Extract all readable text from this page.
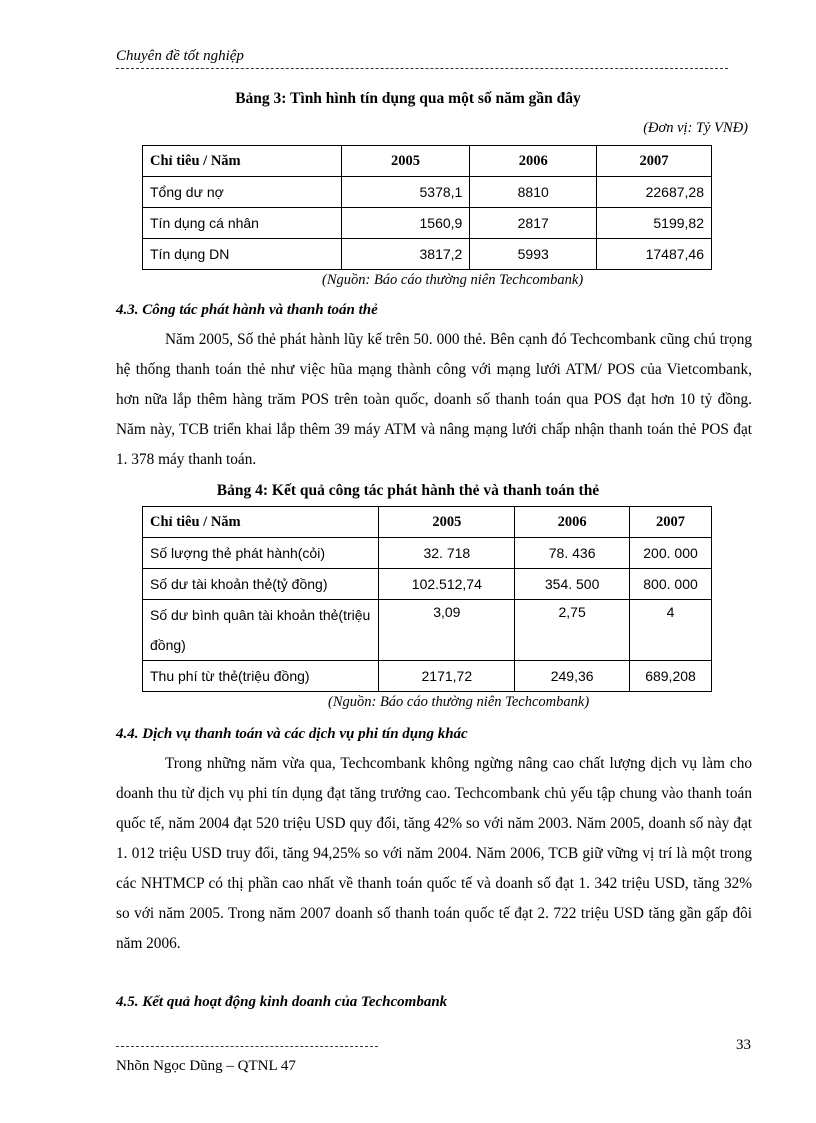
Chuyên đề tốt nghiệp
Bảng 3: Tình hình tín dụng qua một số năm gần đây
(Đơn vị: Tỷ VNĐ)
Chỉ tiêu / Năm	2005	2006	2007
Tổng dư nợ	5378,1	8810	22687,28
Tín dụng cá nhân	1560,9	2817	5199,82
Tín dụng DN	3817,2	5993	17487,46
(Nguồn: Báo cáo thường niên Techcombank)
4.3. Công tác phát hành và thanh toán thẻ
Năm 2005, Số thẻ phát hành lũy kế trên 50. 000 thẻ. Bên cạnh đó Techcombank cũng chú trọng hệ thống thanh toán thẻ như việc hũa mạng thành công với mạng lưới ATM/ POS của Vietcombank, hơn nữa lắp thêm hàng trăm POS trên toàn quốc, doanh số thanh toán qua POS đạt hơn 10 tỷ đồng. Năm này, TCB triển khai lắp thêm 39 máy ATM và nâng mạng lưới chấp nhận thanh toán thẻ POS đạt 1. 378 máy thanh toán.
Bảng 4: Kết quả công tác phát hành thẻ và thanh toán thẻ
Chỉ tiêu / Năm	2005	2006	2007
Số lượng thẻ phát hành(cỏi)	32. 718	78. 436	200. 000
Số dư tài khoản thẻ(tỷ đồng)	102.512,74	354. 500	800. 000
Số dư bình quân tài khoản thẻ(triệu đồng)	3,09	2,75	4
Thu phí từ thẻ(triệu đồng)	2171,72	249,36	689,208
(Nguồn: Báo cáo thường niên Techcombank)
4.4. Dịch vụ thanh toán và các dịch vụ phi tín dụng khác
Trong những năm vừa qua, Techcombank không ngừng nâng cao chất lượng dịch vụ làm cho doanh thu từ dịch vụ phi tín dụng đạt tăng trưởng cao. Techcombank chủ yếu tập chung vào thanh toán quốc tế, năm 2004 đạt 520 triệu USD quy đổi, tăng 42% so với năm 2003. Năm 2005, doanh số này đạt 1. 012 triệu USD truy đổi, tăng 94,25% so với năm 2004. Năm 2006, TCB giữ vững vị trí là một trong các NHTMCP có thị phần cao nhất về thanh toán quốc tế và doanh số đạt 1. 342 triệu USD, tăng 32% so với năm 2005. Trong năm 2007 doanh số thanh toán quốc tế đạt 2. 722 triệu USD tăng gần gấp đôi năm 2006.
4.5. Kết quả hoạt động kinh doanh của Techcombank
33
Nhõn Ngọc Dũng – QTNL 47
